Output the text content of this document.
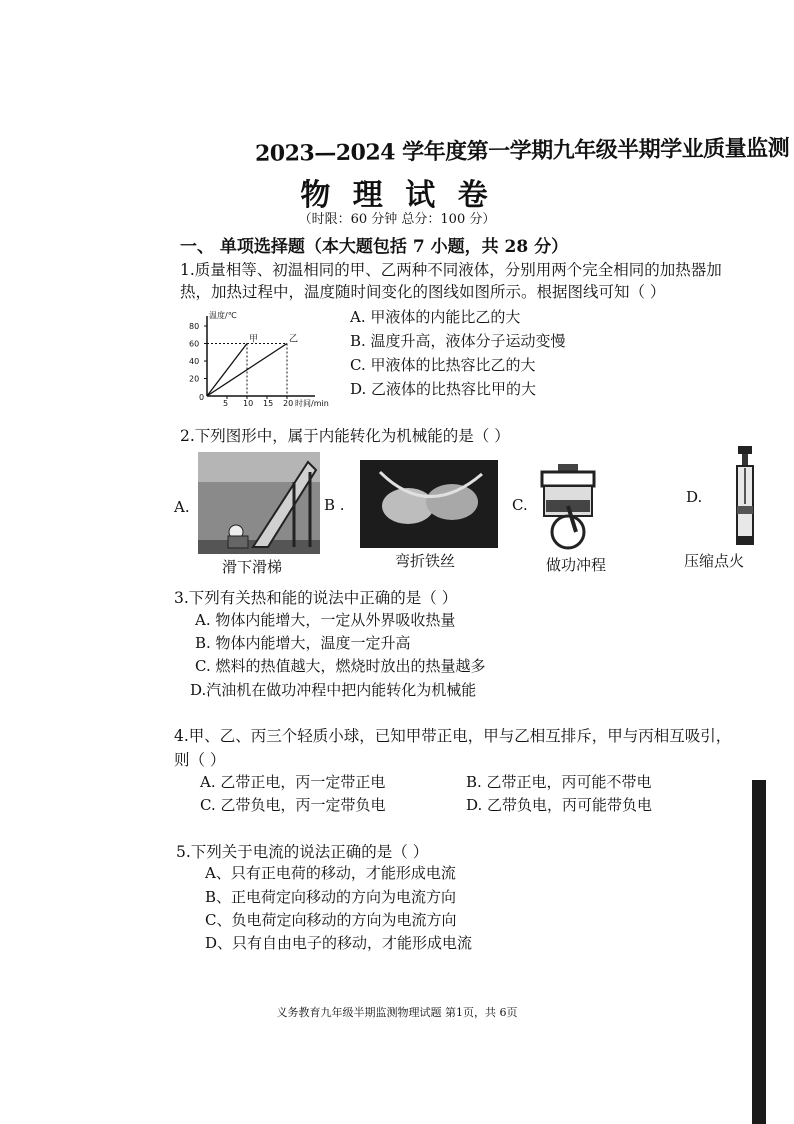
2023—2024 学年度第一学期九年级半期学业质量监测
物 理 试 卷
（时限：60 分钟 总分：100 分）
一、 单项选择题（本大题包括 7 小题，共 28 分）
1.质量相等、初温相同的甲、乙两种不同液体，分别用两个完全相同的加热器加
热，加热过程中，温度随时间变化的图线如图所示。根据图线可知（ ）
温度/℃
时间/min
0
20
40
60
80
5 10 15 20
甲	乙
A. 甲液体的内能比乙的大
B. 温度升高，液体分子运动变慢
C. 甲液体的比热容比乙的大
D. 乙液体的比热容比甲的大
2.下列图形中，属于内能转化为机械能的是（ ）
A.
滑下滑梯
B .
弯折铁丝
C.
做功冲程
D.
压缩点火
3.下列有关热和能的说法中正确的是（ ）
A. 物体内能增大，一定从外界吸收热量
B. 物体内能增大，温度一定升高
C. 燃料的热值越大，燃烧时放出的热量越多
D.汽油机在做功冲程中把内能转化为机械能
4.甲、乙、丙三个轻质小球，已知甲带正电，甲与乙相互排斥，甲与丙相互吸引，
则（ ）
A. 乙带正电，丙一定带正电	B. 乙带正电，丙可能不带电
C. 乙带负电，丙一定带负电	D. 乙带负电，丙可能带负电
5.下列关于电流的说法正确的是（ ）
A、只有正电荷的移动，才能形成电流
B、正电荷定向移动的方向为电流方向
C、负电荷定向移动的方向为电流方向
D、只有自由电子的移动，才能形成电流
义务教育九年级半期监测物理试题 第1页，共 6页
